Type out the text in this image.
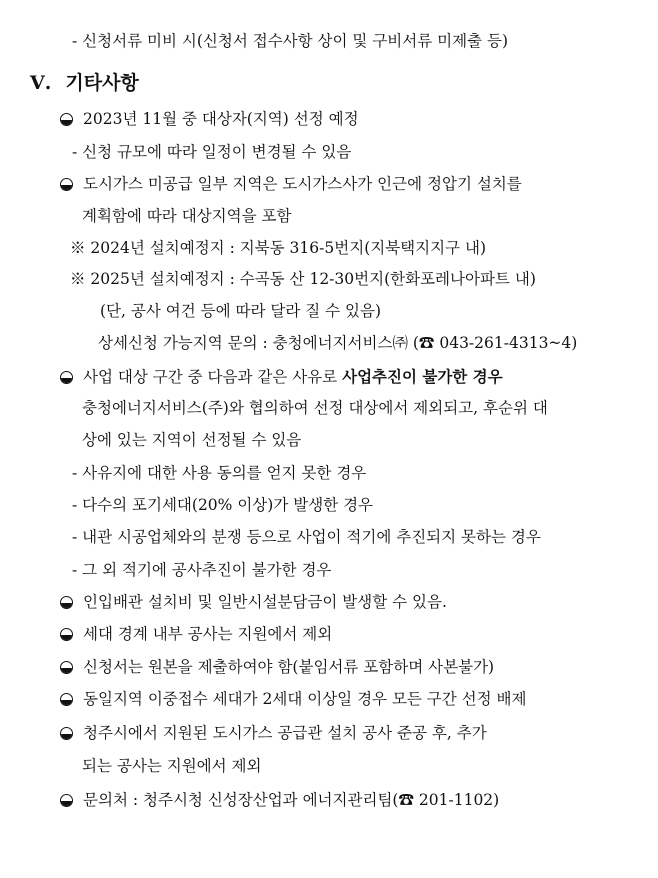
- 신청서류 미비 시(신청서 접수사항 상이 및 구비서류 미제출 등)
Ⅴ. 기타사항
2023년 11월 중 대상자(지역) 선정 예정
- 신청 규모에 따라 일정이 변경될 수 있음
도시가스 미공급 일부 지역은 도시가스사가 인근에 정압기 설치를
계획함에 따라 대상지역을 포함
※ 2024년 설치예정지 : 지북동 316-5번지(지북택지지구 내)
※ 2025년 설치예정지 : 수곡동 산 12-30번지(한화포레나아파트 내)
(단, 공사 여건 등에 따라 달라 질 수 있음)
상세신청 가능지역 문의 : 충청에너지서비스㈜ (☎ 043-261-4313~4)
사업 대상 구간 중 다음과 같은 사유로 사업추진이 불가한 경우
충청에너지서비스(주)와 협의하여 선정 대상에서 제외되고, 후순위 대
상에 있는 지역이 선정될 수 있음
- 사유지에 대한 사용 동의를 얻지 못한 경우
- 다수의 포기세대(20% 이상)가 발생한 경우
- 내관 시공업체와의 분쟁 등으로 사업이 적기에 추진되지 못하는 경우
- 그 외 적기에 공사추진이 불가한 경우
인입배관 설치비 및 일반시설분담금이 발생할 수 있음.
세대 경계 내부 공사는 지원에서 제외
신청서는 원본을 제출하여야 함(붙임서류 포함하며 사본불가)
동일지역 이중접수 세대가 2세대 이상일 경우 모든 구간 선정 배제
청주시에서 지원된 도시가스 공급관 설치 공사 준공 후, 추가
되는 공사는 지원에서 제외
문의처 : 청주시청 신성장산업과 에너지관리팀(☎ 201-1102)
